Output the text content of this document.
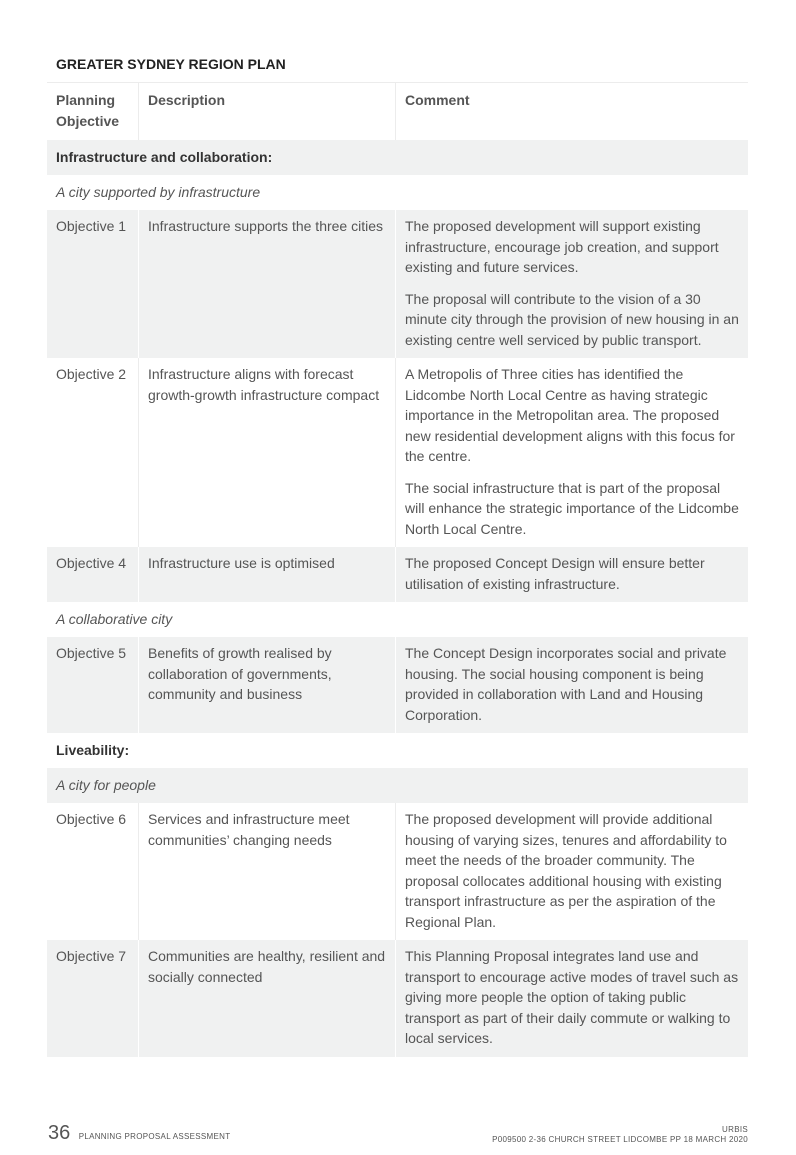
GREATER SYDNEY REGION PLAN		
Planning Objective	Description	Comment
Infrastructure and collaboration:		
A city supported by infrastructure		
Objective 1	Infrastructure supports the three cities	The proposed development will support existing infrastructure, encourage job creation, and support existing and future services.

The proposal will contribute to the vision of a 30 minute city through the provision of new housing in an existing centre well serviced by public transport.

Objective 2	Infrastructure aligns with forecast growth-growth infrastructure compact	A Metropolis of Three cities has identified the Lidcombe North Local Centre as having strategic importance in the Metropolitan area. The proposed new residential development aligns with this focus for the centre.

The social infrastructure that is part of the proposal will enhance the strategic importance of the Lidcombe North Local Centre.

Objective 4	Infrastructure use is optimised	The proposed Concept Design will ensure better utilisation of existing infrastructure.

A collaborative city		
Objective 5	Benefits of growth realised by collaboration of governments, community and business	The Concept Design incorporates social and private housing. The social housing component is being provided in collaboration with Land and Housing Corporation.

Liveability:		
A city for people		
Objective 6	Services and infrastructure meet communities’ changing needs	The proposed development will provide additional housing of varying sizes, tenures and affordability to meet the needs of the broader community. The proposal collocates additional housing with existing transport infrastructure as per the aspiration of the Regional Plan.

Objective 7	Communities are healthy, resilient and socially connected	This Planning Proposal integrates land use and transport to encourage active modes of travel such as giving more people the option of taking public transport as part of their daily commute or walking to local services.

36 PLANNING PROPOSAL ASSESSMENT
URBIS
P009500 2-36 CHURCH STREET LIDCOMBE PP 18 MARCH 2020
